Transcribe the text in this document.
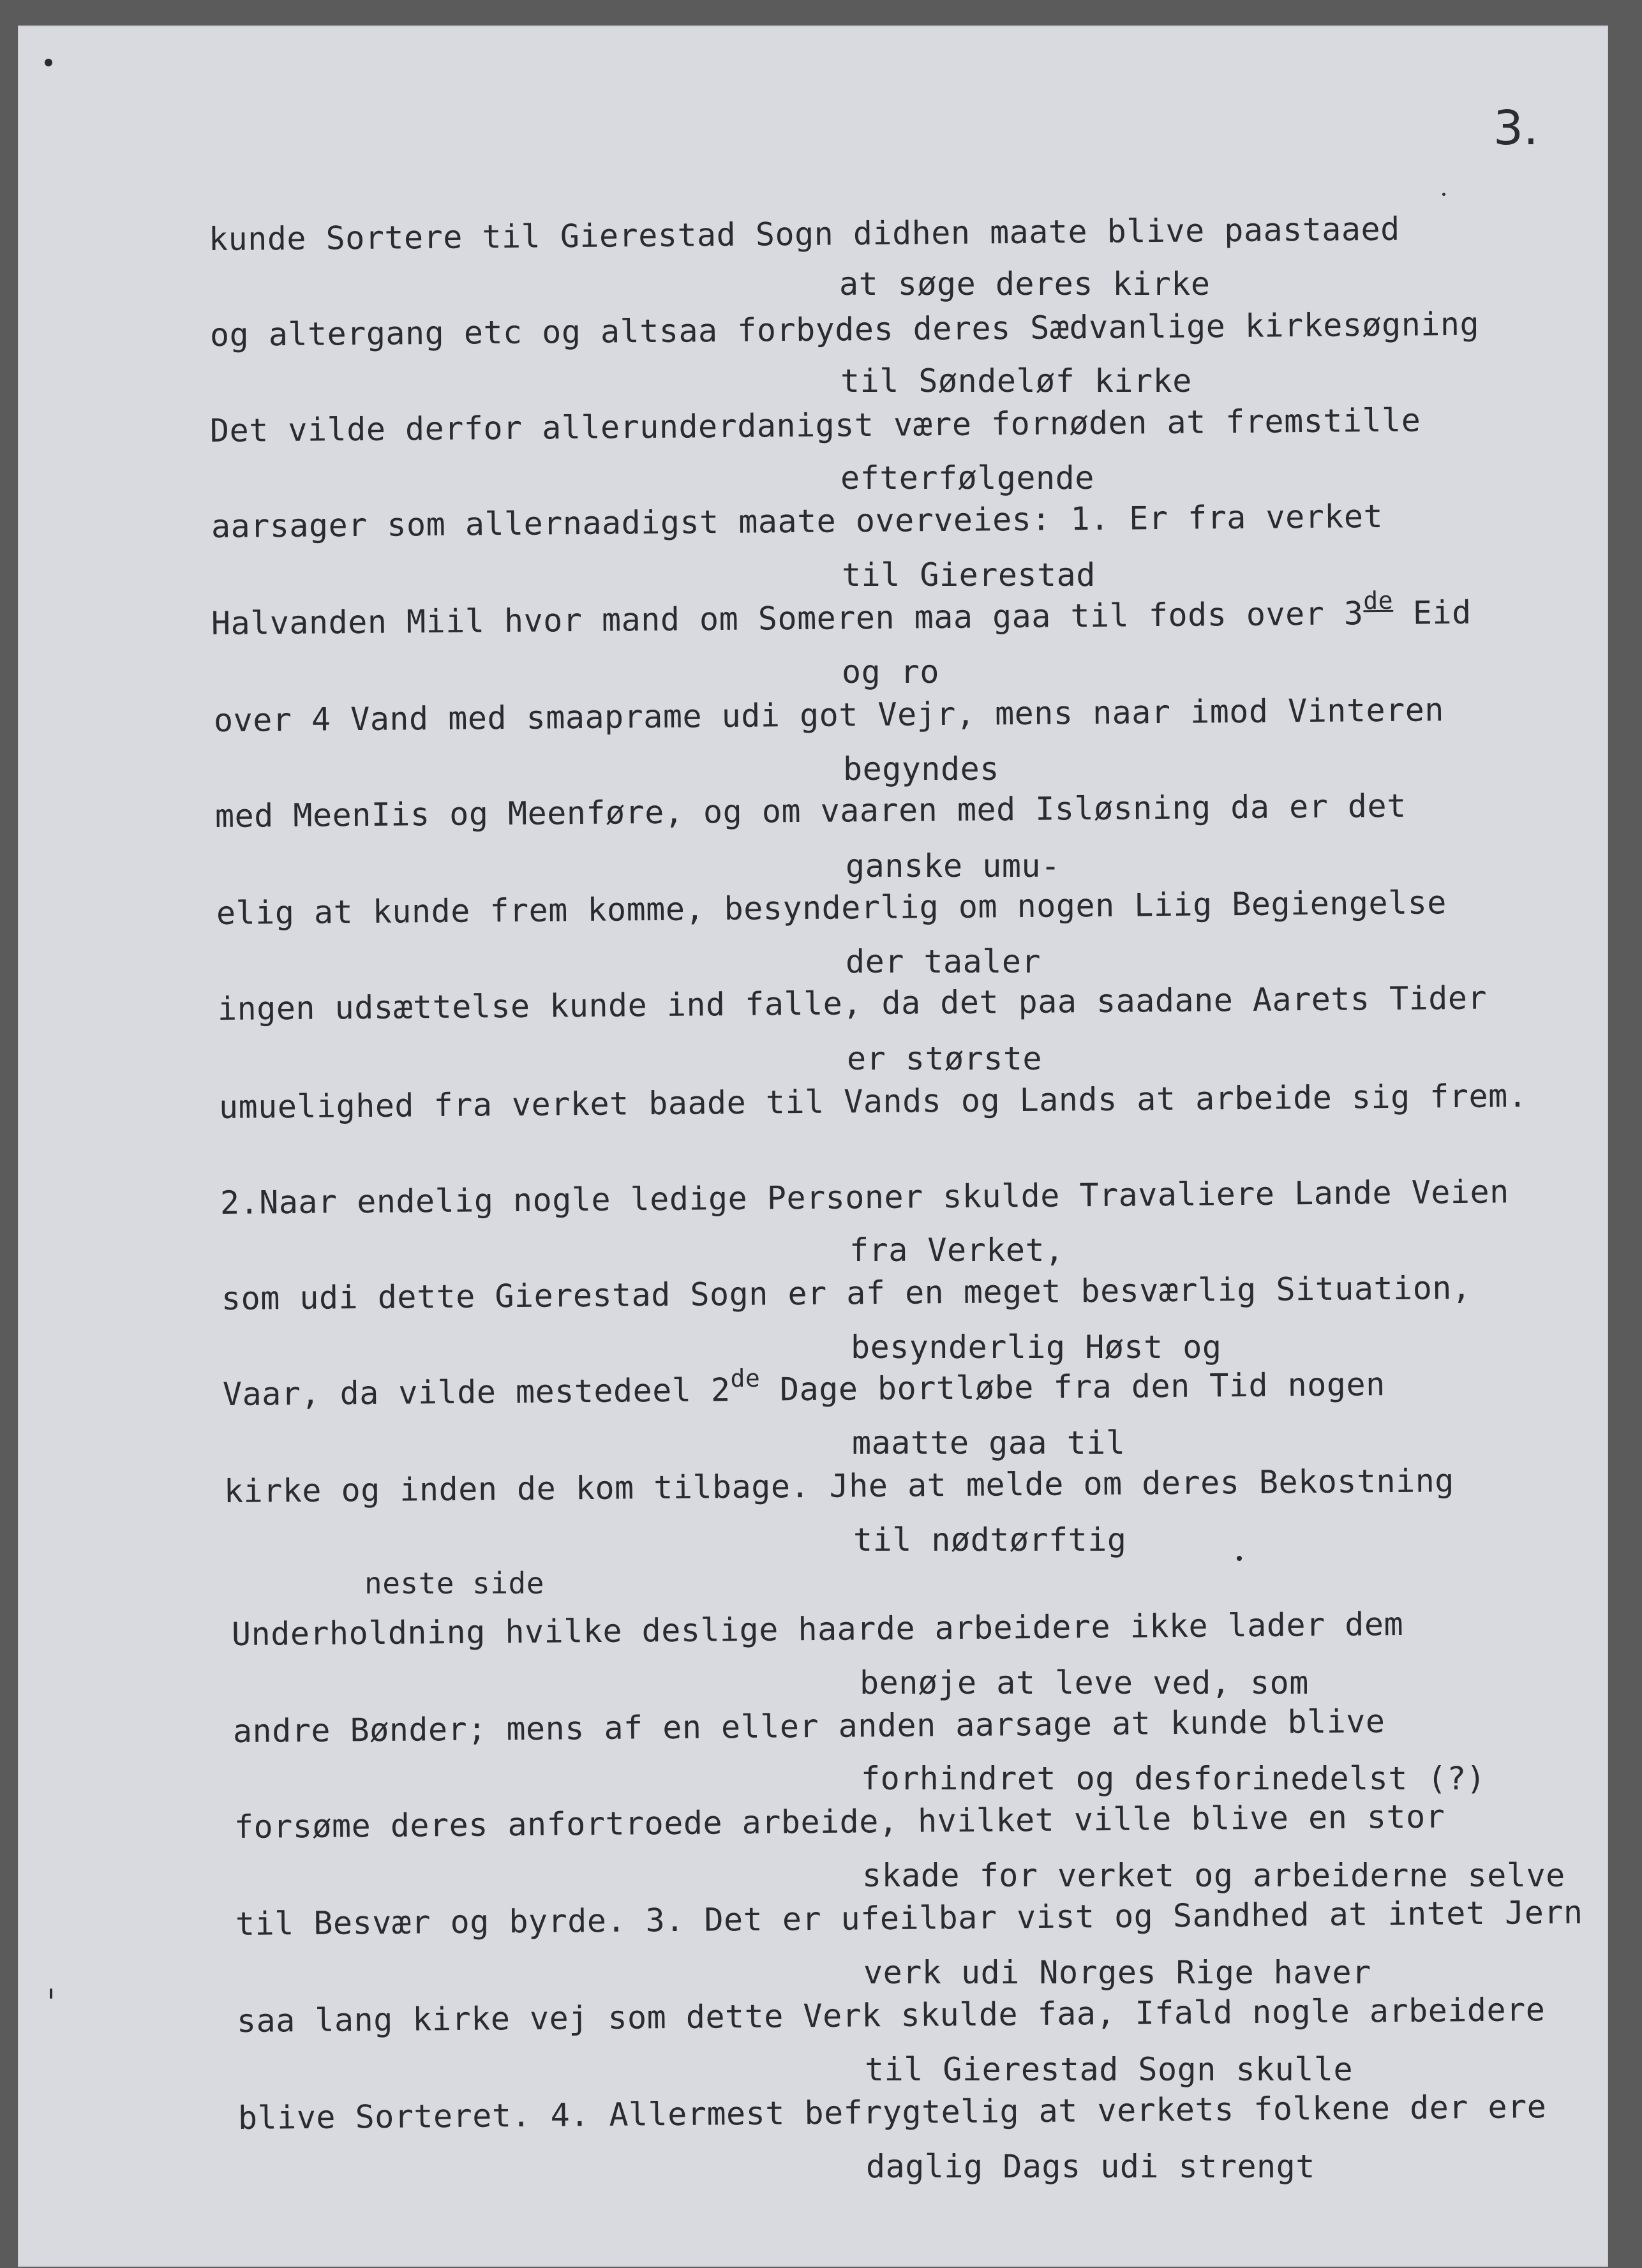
3.
kunde Sortere til Gierestad Sogn didhen maate blive paastaaed
at søge deres kirke
og altergang etc og altsaa forbydes deres Sædvanlige kirkesøgning
til Søndeløf kirke
Det vilde derfor allerunderdanigst være fornøden at fremstille
efterfølgende
aarsager som allernaadigst maate overveies: 1. Er fra verket
til Gierestad
Halvanden Miil hvor mand om Someren maa gaa til fods over 3de Eid
og ro
over 4 Vand med smaaprame udi got Vejr, mens naar imod Vinteren
begyndes
med MeenIis og Meenføre, og om vaaren med Isløsning da er det
ganske umu-
elig at kunde frem komme, besynderlig om nogen Liig Begiengelse
der taaler
ingen udsættelse kunde ind falle, da det paa saadane Aarets Tider
er største
umuelighed fra verket baade til Vands og Lands at arbeide sig frem.
2.Naar endelig nogle ledige Personer skulde Travaliere Lande Veien
fra Verket,
som udi dette Gierestad Sogn er af en meget besværlig Situation,
besynderlig Høst og
Vaar, da vilde mestedeel 2de Dage bortløbe fra den Tid nogen
maatte gaa til
kirke og inden de kom tilbage. Jhe at melde om deres Bekostning
til nødtørftig
neste side
Underholdning hvilke deslige haarde arbeidere ikke lader dem
benøje at leve ved, som
andre Bønder; mens af en eller anden aarsage at kunde blive
forhindret og desforinedelst (?)
forsøme deres anfortroede arbeide, hvilket ville blive en stor
skade for verket og arbeiderne selve
til Besvær og byrde. 3. Det er ufeilbar vist og Sandhed at intet Jern
verk udi Norges Rige haver
saa lang kirke vej som dette Verk skulde faa, Ifald nogle arbeidere
til Gierestad Sogn skulle
blive Sorteret. 4. Allermest befrygtelig at verkets folkene der ere
daglig Dags udi strengt
